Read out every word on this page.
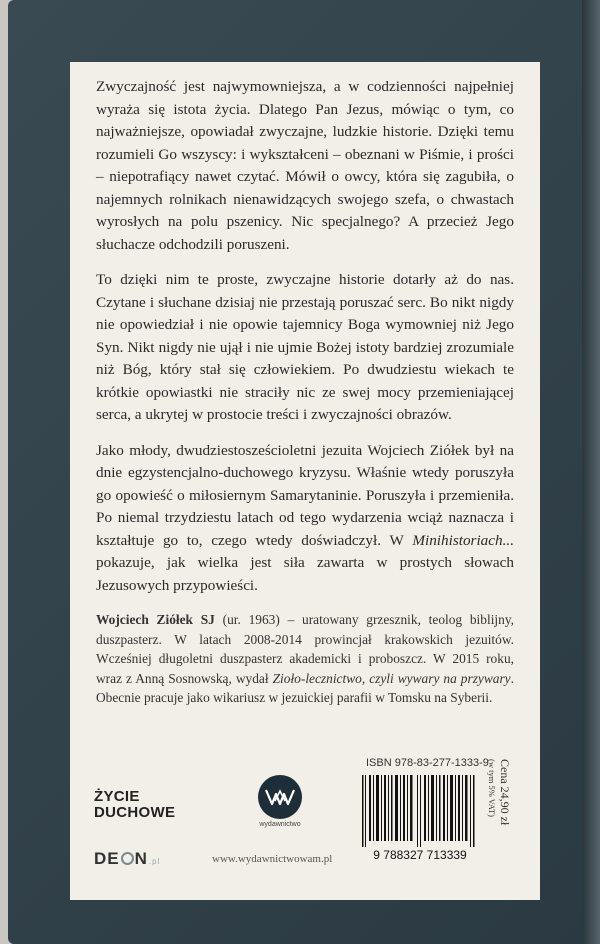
Zwyczajność jest najwymowniejsza, a w codzienności najpełniej wyraża się istota życia. Dlatego Pan Jezus, mówiąc o tym, co najważniejsze, opowiadał zwyczajne, ludzkie historie. Dzięki temu rozumieli Go wszyscy: i wykształceni – obeznani w Piśmie, i prości – niepotrafiący nawet czytać. Mówił o owcy, która się zagubiła, o najemnych rolnikach nienawidzących swojego szefa, o chwastach wyrosłych na polu pszenicy. Nic specjalnego? A przecież Jego słuchacze odchodzili poruszeni.

To dzięki nim te proste, zwyczajne historie dotarły aż do nas. Czytane i słuchane dzisiaj nie przestają poruszać serc. Bo nikt nigdy nie opowiedział i nie opowie tajemnicy Boga wymowniej niż Jego Syn. Nikt nigdy nie ujął i nie ujmie Bożej istoty bardziej zrozumiale niż Bóg, który stał się człowiekiem. Po dwudziestu wiekach te krótkie opowiastki nie straciły nic ze swej mocy przemieniającej serca, a ukrytej w prostocie treści i zwyczajności obrazów.

Jako młody, dwudziestosześcioletni jezuita Wojciech Ziółek był na dnie egzystencjalno-duchowego kryzysu. Właśnie wtedy poruszyła go opowieść o miłosiernym Samarytaninie. Poruszyła i przemieniła. Po niemal trzydziestu latach od tego wydarzenia wciąż naznacza i kształtuje go to, czego wtedy doświadczył. W Minihistoriach... pokazuje, jak wielka jest siła zawarta w prostych słowach Jezusowych przypowieści.

Wojciech Ziółek SJ (ur. 1963) – uratowany grzesznik, teolog biblijny, duszpasterz. W latach 2008-2014 prowincjał krakowskich jezuitów. Wcześniej długoletni duszpasterz akademicki i proboszcz. W 2015 roku, wraz z Anną Sosnowską, wydał Zioło-lecznictwo, czyli wywary na przywary. Obecnie pracuje jako wikariusz w jezuickiej parafii w Tomsku na Syberii.

ŻYCIE
DUCHOWE
wydawnictwo
DE N.pl	www.wydawnictwowam.pl
ISBN 978-83-277-1333-9
9 788327 713339
Cena 24,90 zł
(w tym 5% VAT)
